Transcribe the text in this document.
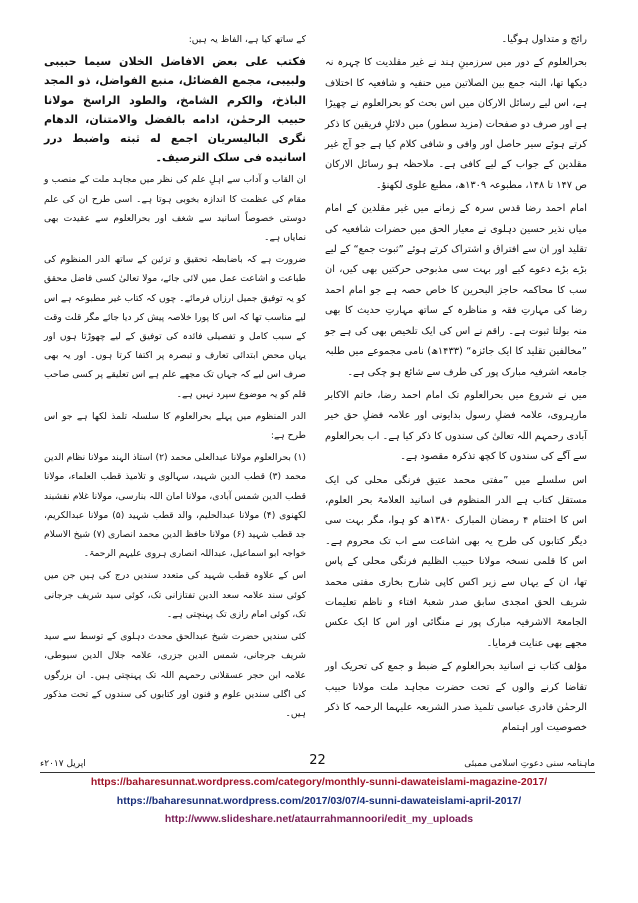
رائج و متداول ہوگیا۔

بحرالعلوم کے دور میں سرزمینِ ہند نے غیر مقلدیت کا چہرہ نہ دیکھا تھا، البتہ جمع بین الصلاتین میں حنفیہ و شافعیہ کا اختلاف ہے، اس لیے رسائل الارکان میں اس بحث کو بحرالعلوم نے چھیڑا ہے اور صرف دو صفحات (مزید سطور) میں دلائلِ فریقین کا ذکر کرتے ہوئے سیر حاصل اور وافی و شافی کلام کیا ہے جو آج غیر مقلدین کے جواب کے لیے کافی ہے۔ ملاحظہ ہو رسائل الارکان ص ۱۴۷ تا ۱۴۸، مطبوعہ ۱۳۰۹ھ، مطبع علوی لکھنؤ۔

امام احمد رضا قدس سرہ کے زمانے میں غیر مقلدین کے امام میاں نذیر حسین دہلوی نے معیار الحق میں حضرات شافعیہ کی تقلید اور ان سے افتراق و اشتراک کرتے ہوئے ”ثبوت جمع“ کے لیے بڑے بڑے دعوے کیے اور بہت سی مذبوحی حرکتیں بھی کیں، ان سب کا محاکمہ حاجز البحرین کا خاص حصہ ہے جو امام احمد رضا کی مہارتِ فقہ و مناظرہ کے ساتھ مہارتِ حدیث کا بھی منہ بولتا ثبوت ہے۔ راقم نے اس کی ایک تلخیص بھی کی ہے جو ”مخالفین تقلید کا ایک جائزہ“ (۱۴۳۳ھ) نامی مجموعے میں طلبہ جامعہ اشرفیہ مبارک پور کی طرف سے شائع ہو چکی ہے۔

میں نے شروع میں بحرالعلوم تک امام احمد رضا، خاتم الاکابر مارہروی، علامہ فضلِ رسول بدایونی اور علامہ فضلِ حق خیر آبادی رحمہم اللہ تعالیٰ کی سندوں کا ذکر کیا ہے۔ اب بحرالعلوم سے آگے کی سندوں کا کچھ تذکرہ مقصود ہے۔

اس سلسلے میں ”مفتی محمد عتیق فرنگی محلی کی ایک مستقل کتاب ہے الدر المنظوم فی اسانید العلامۃ بحر العلوم، اس کا اختتام ۴ رمضان المبارک ۱۳۸۰ھ کو ہوا، مگر بہت سی دیگر کتابوں کی طرح یہ بھی اشاعت سے اب تک محروم ہے۔ اس کا قلمی نسخہ مولانا حبیب الظلیم فرنگی محلی کے پاس تھا، ان کے یہاں سے زیر اکس کاپی شارح بخاری مفتی محمد شریف الحق امجدی سابق صدر شعبۂ افتاء و ناظم تعلیمات الجامعۃ الاشرفیہ مبارک پور نے منگائی اور اس کا ایک عکس مجھے بھی عنایت فرمایا۔

مؤلف کتاب نے اسانید بحرالعلوم کے ضبط و جمع کی تحریک اور تقاضا کرنے والوں کے تحت حضرت مجاہد ملت مولانا حبیب الرحمٰن قادری عباسی تلمیذ صدر الشریعہ علیہما الرحمہ کا ذکر خصوصیت اور اہتمام

کے ساتھ کیا ہے، الفاظ یہ ہیں:

فکتب علی بعض الافاضل الخلان سیما حبیبی ولبیبی، مجمع الفضائل، منبع الفواضل، ذو المجد الباذخ، والکرم الشامخ، والطود الراسخ مولانا حبیب الرحمٰن، ادامه بالفضل والامتنان، الدهام نگری البالیسریان اجمع له ثبته واضبط درر اسانیده فی سلک الترصیف۔

ان القاب و آداب سے اہلِ علم کی نظر میں مجاہد ملت کے منصب و مقام کی عظمت کا اندازہ بخوبی ہوتا ہے۔ اسی طرح ان کی علم دوستی خصوصاً اسانید سے شغف اور بحرالعلوم سے عقیدت بھی نمایاں ہے۔

ضرورت ہے کہ باضابطہ تحقیق و تزئین کے ساتھ الدر المنظوم کی طباعت و اشاعت عمل میں لائی جائے، مولا تعالیٰ کسی فاضل محقق کو یہ توفیق جمیل ارزاں فرمائے۔ چوں کہ کتاب غیر مطبوعہ ہے اس لیے مناسب تھا کہ اس کا پورا خلاصہ پیش کر دیا جائے مگر قلت وقت کے سبب کامل و تفصیلی فائدہ کی توفیق کے لیے چھوڑتا ہوں اور یہاں محض ابتدائی تعارف و تبصرہ پر اکتفا کرتا ہوں۔ اور یہ بھی صرف اس لیے کہ جہاں تک مجھے علم ہے اس تعلیقے پر کسی صاحب قلم کو یہ موضوع سپرد نہیں ہے۔

الدر المنظوم میں پہلے بحرالعلوم کا سلسلہ تلمذ لکھا ہے جو اس طرح ہے:

(۱) بحرالعلوم مولانا عبدالعلی محمد (۲) استاذ الہند مولانا نظام الدین محمد (۳) قطب الدین شہید، سہالوی و تلامیذ قطب العلماء، مولانا قطب الدین شمس آبادی، مولانا امان اللہ بنارسی، مولانا غلام نقشبند لکھنوی (۴) مولانا عبدالحلیم، والد قطب شہید (۵) مولانا عبدالکریم، جد قطب شہید (۶) مولانا حافظ الدین محمد انصاری (۷) شیخ الاسلام خواجہ ابو اسماعیل، عبداللہ انصاری ہروی علیہم الرحمۃ۔

اس کے علاوہ قطب شہید کی متعدد سندیں درج کی ہیں جن میں کوئی سند علامہ سعد الدین تفتازانی تک، کوئی سید شریف جرجانی تک، کوئی امام رازی تک پہنچتی ہے۔

کئی سندیں حضرت شیخ عبدالحق محدث دہلوی کے توسط سے سید شریف جرجانی، شمس الدین جزری، علامہ جلال الدین سیوطی، علامہ ابن حجر عسقلانی رحمہم اللہ تک پہنچتی ہیں۔ ان بزرگوں کی اگلی سندیں علوم و فنون اور کتابوں کی سندوں کے تحت مذکور ہیں۔

ماہنامہ سنی دعوتِ اسلامی ممبئی
22
اپریل ۲۰۱۷ء
https://baharesunnat.wordpress.com/category/monthly-sunni-dawateislami-magazine-2017/
https://baharesunnat.wordpress.com/2017/03/07/4-sunni-dawateislami-april-2017/
http://www.slideshare.net/ataurrahmannoori/edit_my_uploads
